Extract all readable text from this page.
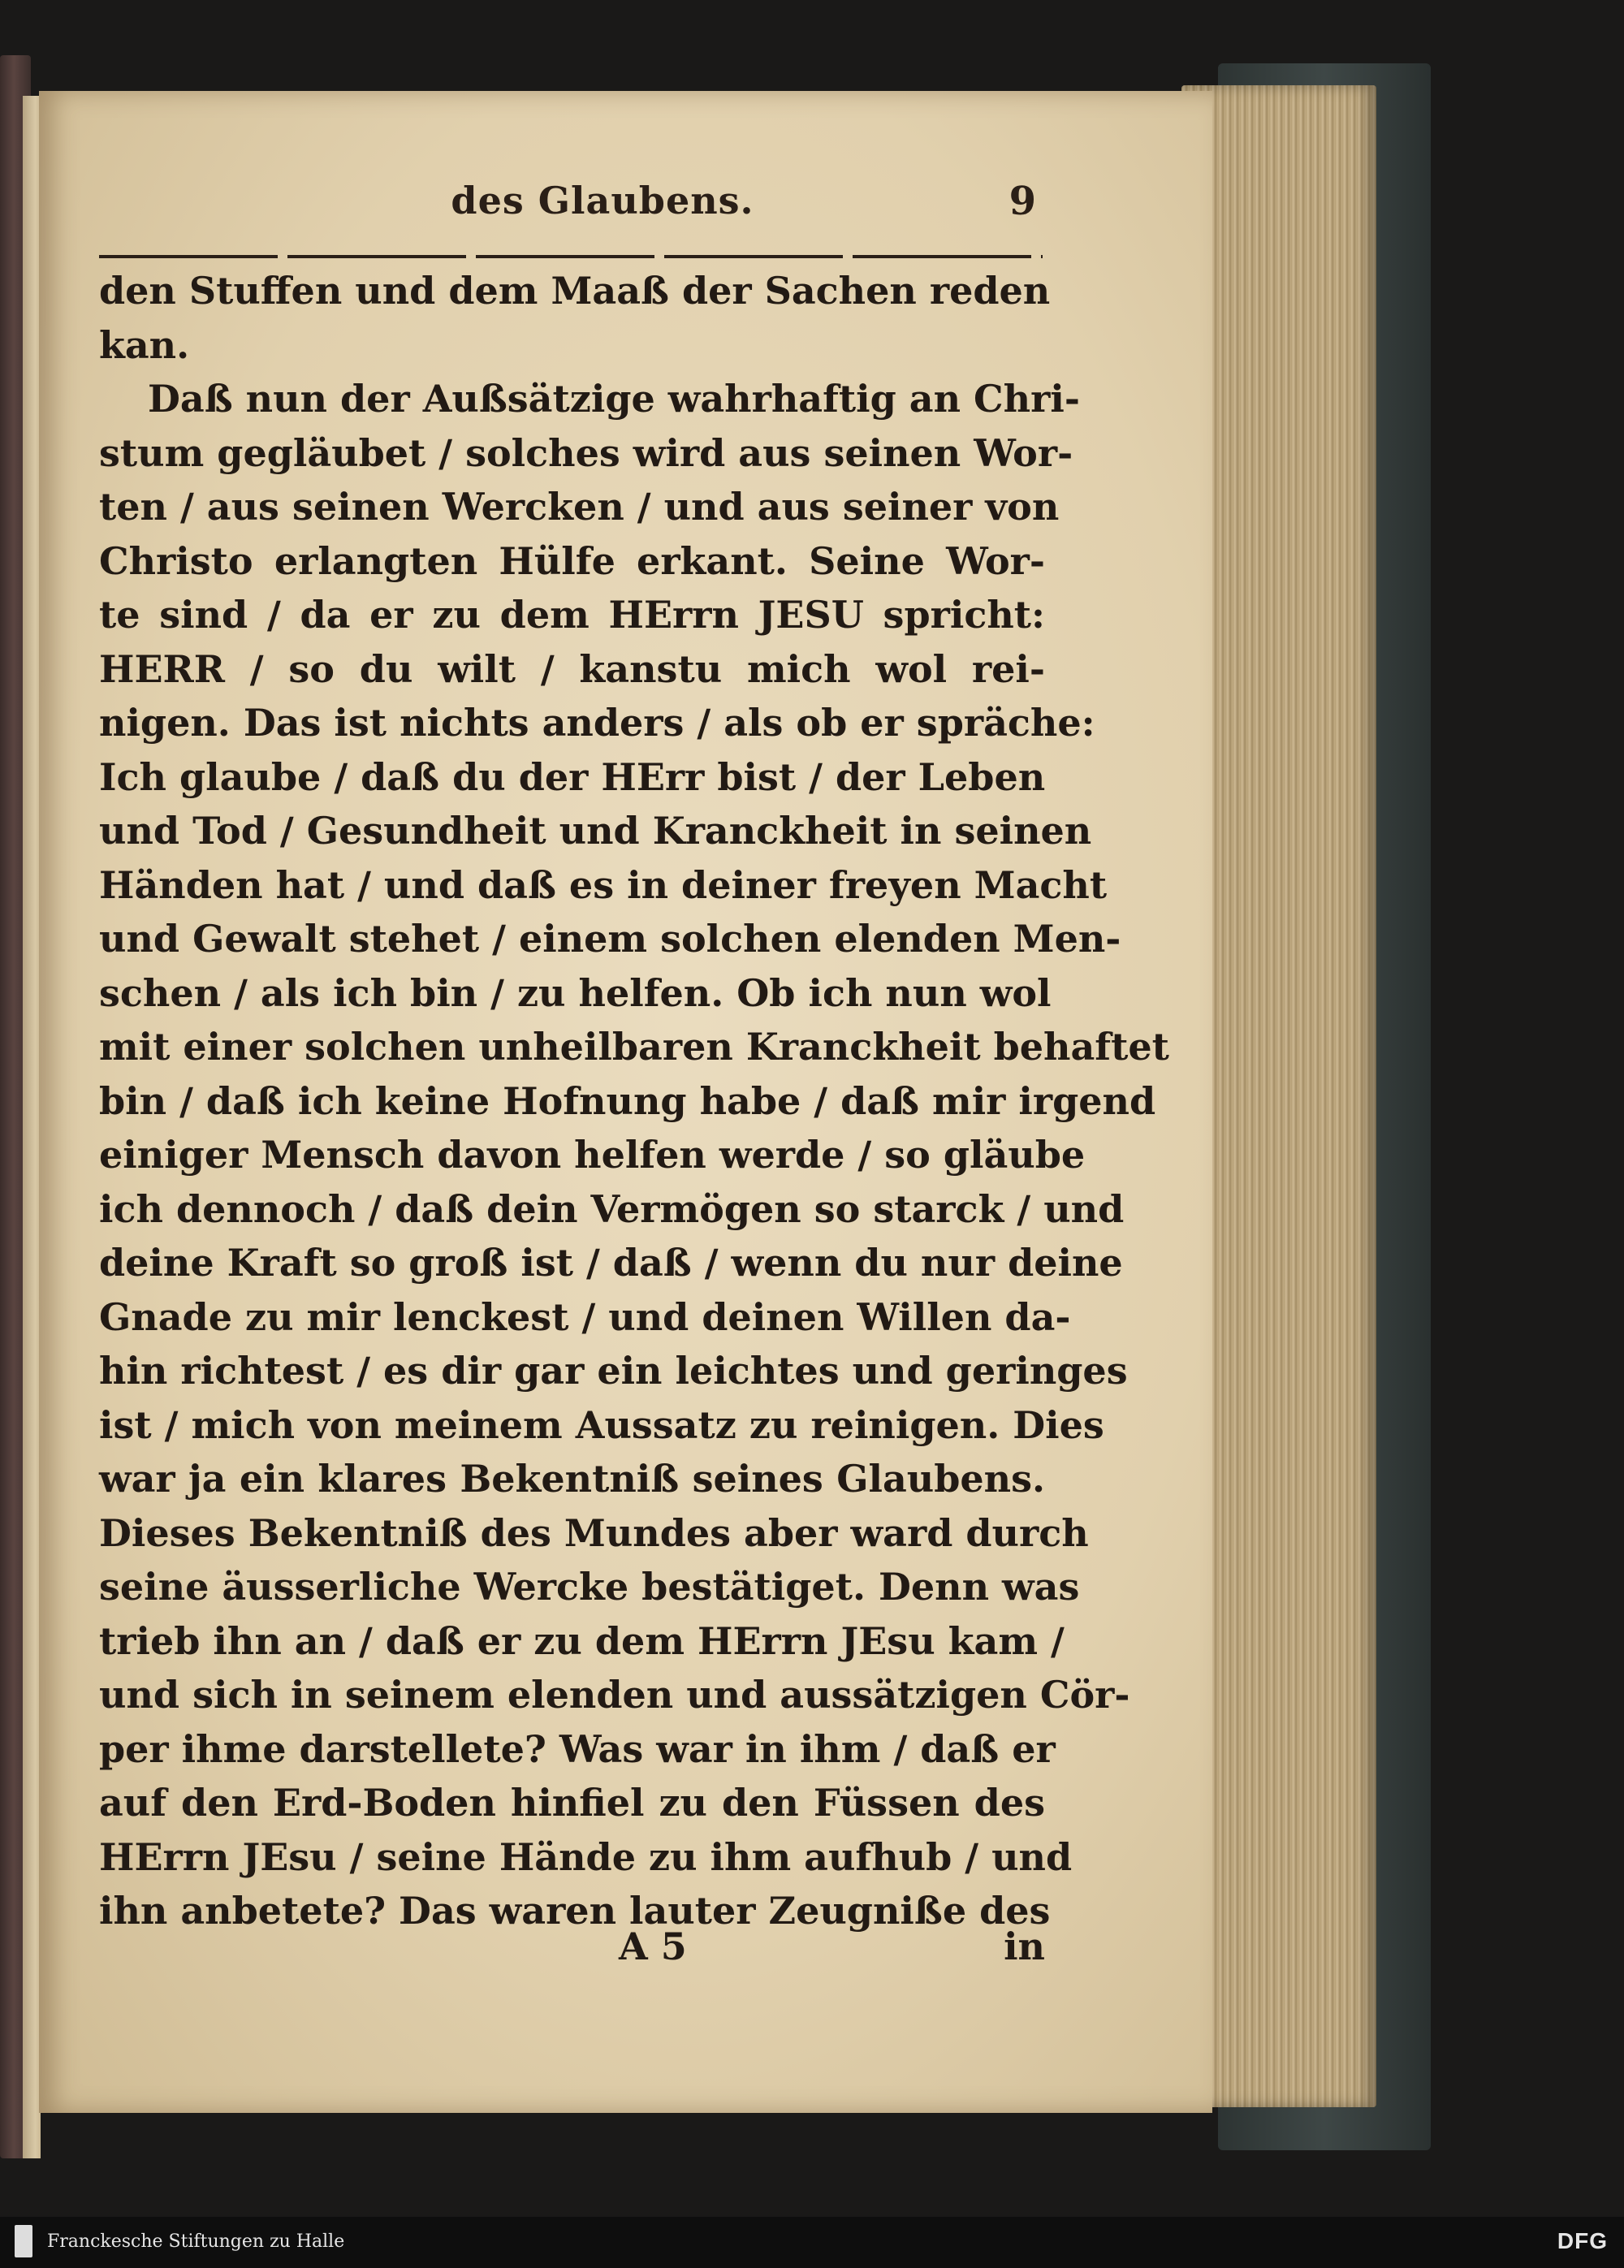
des Glaubens.	9
den Stuffen und dem Maaß der Sachen reden
kan.
Daß nun der Außsätzige wahrhaftig an Chri-
stum gegläubet / solches wird aus seinen Wor-
ten / aus seinen Wercken / und aus seiner von
Christo erlangten Hülfe erkant. Seine Wor-
te sind / da er zu dem HErrn JESU spricht:
HERR / so du wilt / kanstu mich wol rei-
nigen. Das ist nichts anders / als ob er spräche:
Ich glaube / daß du der HErr bist / der Leben
und Tod / Gesundheit und Kranckheit in seinen
Händen hat / und daß es in deiner freyen Macht
und Gewalt stehet / einem solchen elenden Men-
schen / als ich bin / zu helfen. Ob ich nun wol
mit einer solchen unheilbaren Kranckheit behaftet
bin / daß ich keine Hofnung habe / daß mir irgend
einiger Mensch davon helfen werde / so gläube
ich dennoch / daß dein Vermögen so starck / und
deine Kraft so groß ist / daß / wenn du nur deine
Gnade zu mir lenckest / und deinen Willen da-
hin richtest / es dir gar ein leichtes und geringes
ist / mich von meinem Aussatz zu reinigen. Dies
war ja ein klares Bekentniß seines Glaubens.
Dieses Bekentniß des Mundes aber ward durch
seine äusserliche Wercke bestätiget. Denn was
trieb ihn an / daß er zu dem HErrn JEsu kam /
und sich in seinem elenden und aussätzigen Cör-
per ihme darstellete? Was war in ihm / daß er
auf den Erd-Boden hinfiel zu den Füssen des
HErrn JEsu / seine Hände zu ihm aufhub / und
ihn anbetete? Das waren lauter Zeugniße des
A 5	in
Franckesche Stiftungen zu Halle	DFG
